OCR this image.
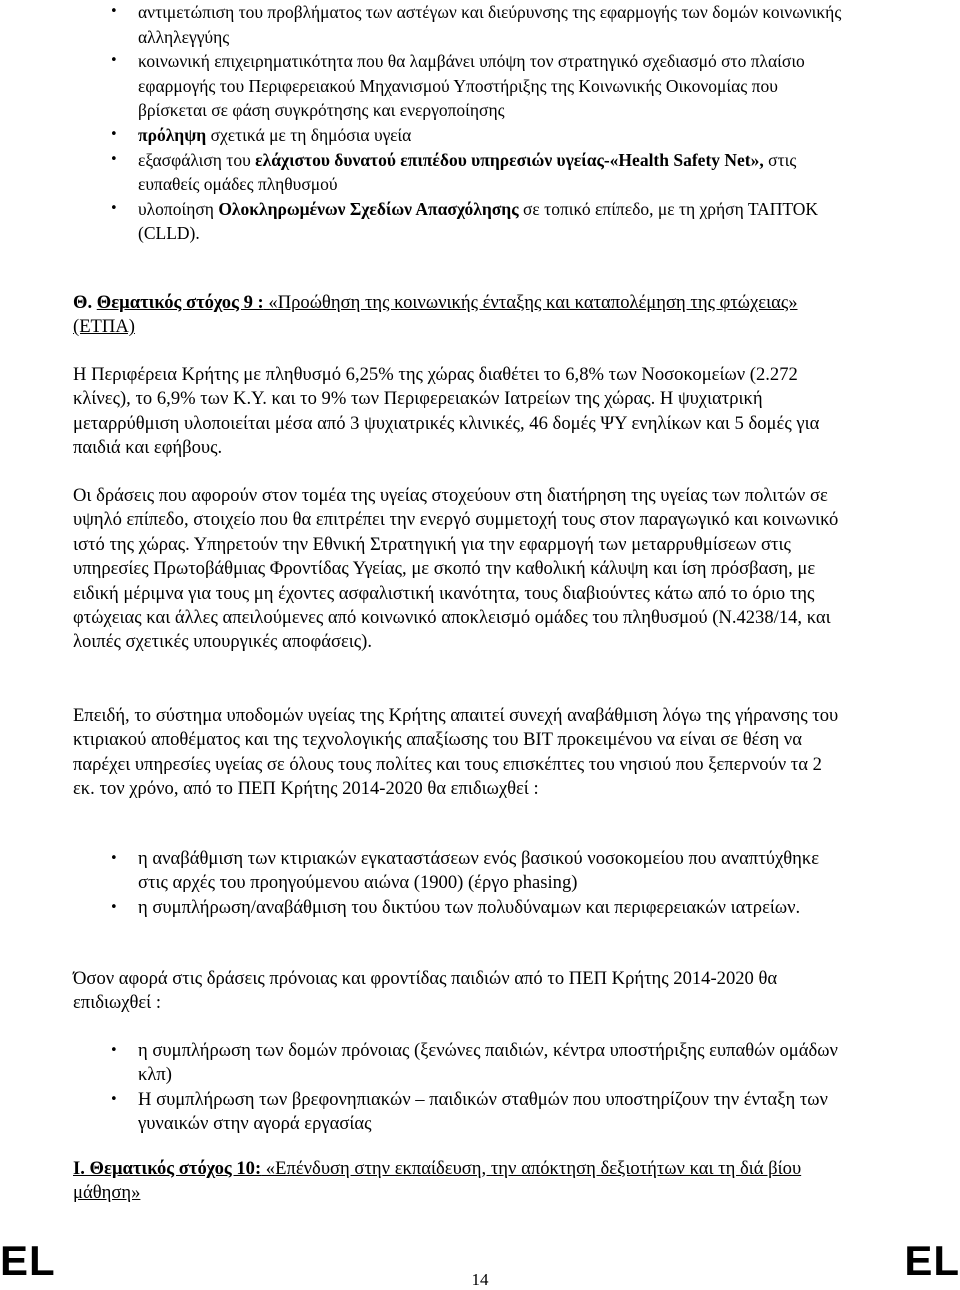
• αντιμετώπιση του προβλήματος των αστέγων και διεύρυνσης της εφαρμογής των δομών κοινωνικής αλληλεγγύης
• κοινωνική επιχειρηματικότητα που θα λαμβάνει υπόψη τον στρατηγικό σχεδιασμό στο πλαίσιο εφαρμογής του Περιφερειακού Μηχανισμού Υποστήριξης της Κοινωνικής Οικονομίας που βρίσκεται σε φάση συγκρότησης και ενεργοποίησης
• πρόληψη σχετικά με τη δημόσια υγεία
• εξασφάλιση του ελάχιστου δυνατού επιπέδου υπηρεσιών υγείας-«Health Safety Net», στις ευπαθείς ομάδες πληθυσμού
• υλοποίηση Ολοκληρωμένων Σχεδίων Απασχόλησης σε τοπικό επίπεδο, με τη χρήση ΤΑΠΤΟΚ (CLLD).
Θ. Θεματικός στόχος 9 : «Προώθηση της κοινωνικής ένταξης και καταπολέμηση της φτώχειας» (ΕΤΠΑ)

Η Περιφέρεια Κρήτης με πληθυσμό 6,25% της χώρας διαθέτει το 6,8% των Νοσοκομείων (2.272 κλίνες), το 6,9% των Κ.Υ. και το 9% των Περιφερειακών Ιατρείων της χώρας. Η ψυχιατρική μεταρρύθμιση υλοποιείται μέσα από 3 ψυχιατρικές κλινικές, 46 δομές ΨΥ ενηλίκων και 5 δομές για παιδιά και εφήβους.

Οι δράσεις που αφορούν στον τομέα της υγείας στοχεύουν στη διατήρηση της υγείας των πολιτών σε υψηλό επίπεδο, στοιχείο που θα επιτρέπει την ενεργό συμμετοχή τους στον παραγωγικό και κοινωνικό ιστό της χώρας. Υπηρετούν την Εθνική Στρατηγική για την εφαρμογή των μεταρρυθμίσεων στις υπηρεσίες Πρωτοβάθμιας Φροντίδας Υγείας, με σκοπό την καθολική κάλυψη και ίση πρόσβαση, με ειδική μέριμνα για τους μη έχοντες ασφαλιστική ικανότητα, τους διαβιούντες κάτω από το όριο της φτώχειας και άλλες απειλούμενες από κοινωνικό αποκλεισμό ομάδες του πληθυσμού (Ν.4238/14, και λοιπές σχετικές υπουργικές αποφάσεις).

Επειδή, το σύστημα υποδομών υγείας της Κρήτης απαιτεί συνεχή αναβάθμιση λόγω της γήρανσης του κτιριακού αποθέματος και της τεχνολογικής απαξίωσης του ΒΙΤ προκειμένου να είναι σε θέση να παρέχει υπηρεσίες υγείας σε όλους τους πολίτες και τους επισκέπτες του νησιού που ξεπερνούν τα 2 εκ. τον χρόνο, από το ΠΕΠ Κρήτης 2014-2020 θα επιδιωχθεί :

• η αναβάθμιση των κτιριακών εγκαταστάσεων ενός βασικού νοσοκομείου που αναπτύχθηκε στις αρχές του προηγούμενου αιώνα (1900) (έργο phasing)
• η συμπλήρωση/αναβάθμιση του δικτύου των πολυδύναμων και περιφερειακών ιατρείων.

Όσον αφορά στις δράσεις πρόνοιας και φροντίδας παιδιών από το ΠΕΠ Κρήτης 2014-2020 θα επιδιωχθεί :

• η συμπλήρωση των δομών πρόνοιας (ξενώνες παιδιών, κέντρα υποστήριξης ευπαθών ομάδων κλπ)
• Η συμπλήρωση των βρεφονηπιακών – παιδικών σταθμών που υποστηρίζουν την ένταξη των γυναικών στην αγορά εργασίας
Ι. Θεματικός στόχος 10: «Επένδυση στην εκπαίδευση, την απόκτηση δεξιοτήτων και τη διά βίου μάθηση»
EL	EL
14
